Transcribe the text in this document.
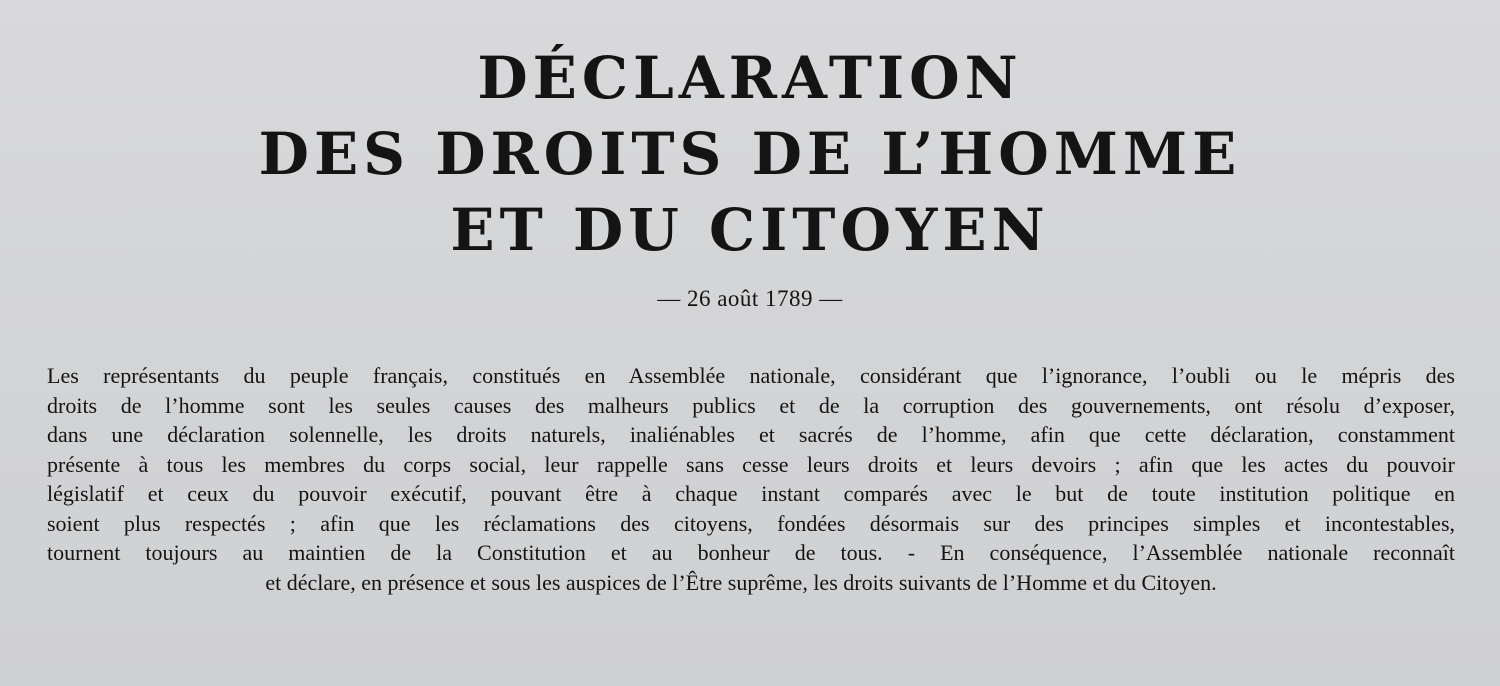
DÉCLARATION
DES DROITS DE L’HOMME
ET DU CITOYEN
— 26 août 1789 —

Les représentants du peuple français, constitués en Assemblée nationale, considérant que l’ignorance, l’oubli ou le mépris des
droits de l’homme sont les seules causes des malheurs publics et de la corruption des gouvernements, ont résolu d’exposer,
dans une déclaration solennelle, les droits naturels, inaliénables et sacrés de l’homme, afin que cette déclaration, constamment
présente à tous les membres du corps social, leur rappelle sans cesse leurs droits et leurs devoirs ; afin que les actes du pouvoir
législatif et ceux du pouvoir exécutif, pouvant être à chaque instant comparés avec le but de toute institution politique en
soient plus respectés ; afin que les réclamations des citoyens, fondées désormais sur des principes simples et incontestables,
tournent toujours au maintien de la Constitution et au bonheur de tous. - En conséquence, l’Assemblée nationale reconnaît
et déclare, en présence et sous les auspices de l’Être suprême, les droits suivants de l’Homme et du Citoyen.
